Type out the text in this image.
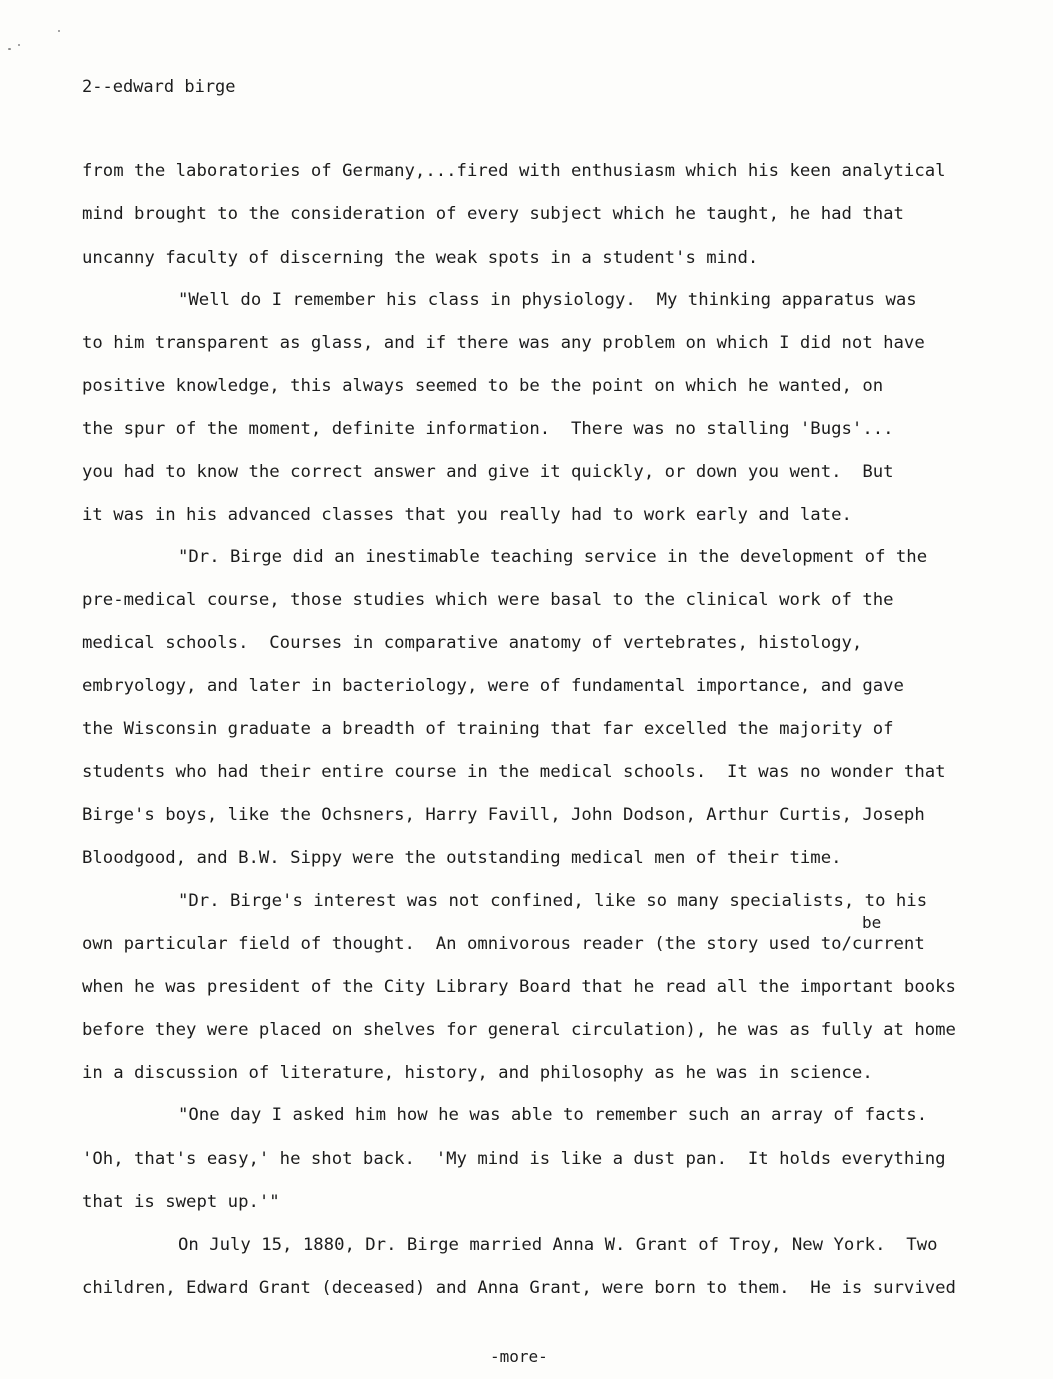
2--edward birge
from the laboratories of Germany,...fired with enthusiasm which his keen analytical
mind brought to the consideration of every subject which he taught, he had that
uncanny faculty of discerning the weak spots in a student's mind.
"Well do I remember his class in physiology.  My thinking apparatus was
to him transparent as glass, and if there was any problem on which I did not have
positive knowledge, this always seemed to be the point on which he wanted, on
the spur of the moment, definite information.  There was no stalling 'Bugs'...
you had to know the correct answer and give it quickly, or down you went.  But
it was in his advanced classes that you really had to work early and late.
"Dr. Birge did an inestimable teaching service in the development of the
pre-medical course, those studies which were basal to the clinical work of the
medical schools.  Courses in comparative anatomy of vertebrates, histology,
embryology, and later in bacteriology, were of fundamental importance, and gave
the Wisconsin graduate a breadth of training that far excelled the majority of
students who had their entire course in the medical schools.  It was no wonder that
Birge's boys, like the Ochsners, Harry Favill, John Dodson, Arthur Curtis, Joseph
Bloodgood, and B.W. Sippy were the outstanding medical men of their time.
"Dr. Birge's interest was not confined, like so many specialists, to his
be
own particular field of thought.  An omnivorous reader (the story used to/current
when he was president of the City Library Board that he read all the important books
before they were placed on shelves for general circulation), he was as fully at home
in a discussion of literature, history, and philosophy as he was in science.
"One day I asked him how he was able to remember such an array of facts.
'Oh, that's easy,' he shot back.  'My mind is like a dust pan.  It holds everything
that is swept up.'"
On July 15, 1880, Dr. Birge married Anna W. Grant of Troy, New York.  Two
children, Edward Grant (deceased) and Anna Grant, were born to them.  He is survived
-more-
